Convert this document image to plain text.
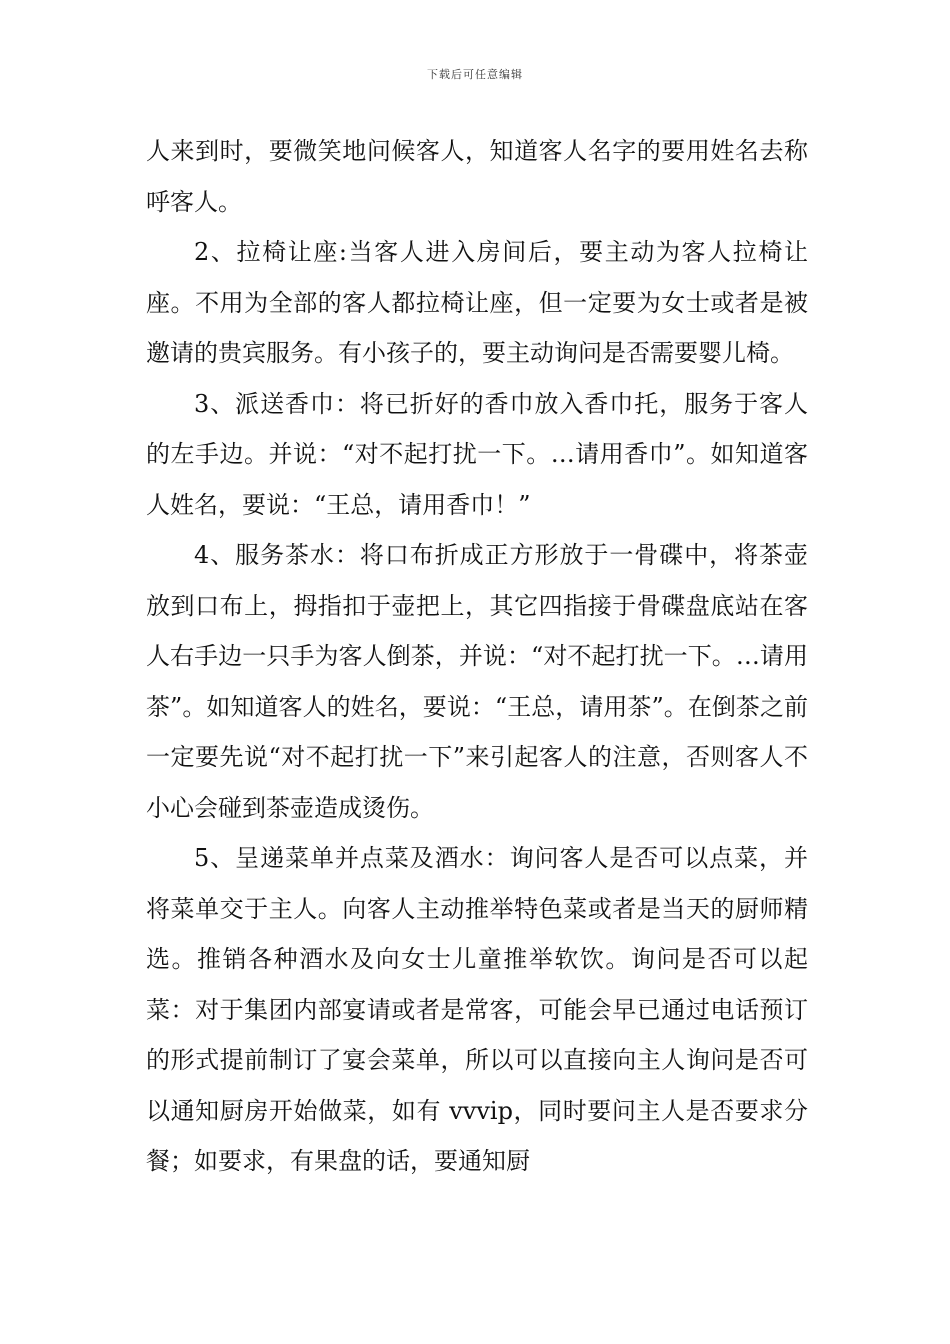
下载后可任意编辑

人来到时，要微笑地问候客人，知道客人名字的要用姓名去称呼客人。

2、拉椅让座:当客人进入房间后，要主动为客人拉椅让座。不用为全部的客人都拉椅让座，但一定要为女士或者是被邀请的贵宾服务。有小孩子的，要主动询问是否需要婴儿椅。

3、派送香巾：将已折好的香巾放入香巾托，服务于客人的左手边。并说：“对不起打扰一下。…请用香巾”。如知道客人姓名，要说：“王总，请用香巾！”

4、服务茶水：将口布折成正方形放于一骨碟中，将茶壶放到口布上，拇指扣于壶把上，其它四指接于骨碟盘底站在客人右手边一只手为客人倒茶，并说：“对不起打扰一下。…请用茶”。如知道客人的姓名，要说：“王总，请用茶”。在倒茶之前一定要先说“对不起打扰一下”来引起客人的注意，否则客人不小心会碰到茶壶造成烫伤。

5、呈递菜单并点菜及酒水：询问客人是否可以点菜，并将菜单交于主人。向客人主动推举特色菜或者是当天的厨师精选。推销各种酒水及向女士儿童推举软饮。询问是否可以起菜：对于集团内部宴请或者是常客，可能会早已通过电话预订的形式提前制订了宴会菜单，所以可以直接向主人询问是否可以通知厨房开始做菜，如有 vvvip，同时要问主人是否要求分餐；如要求，有果盘的话，要通知厨
